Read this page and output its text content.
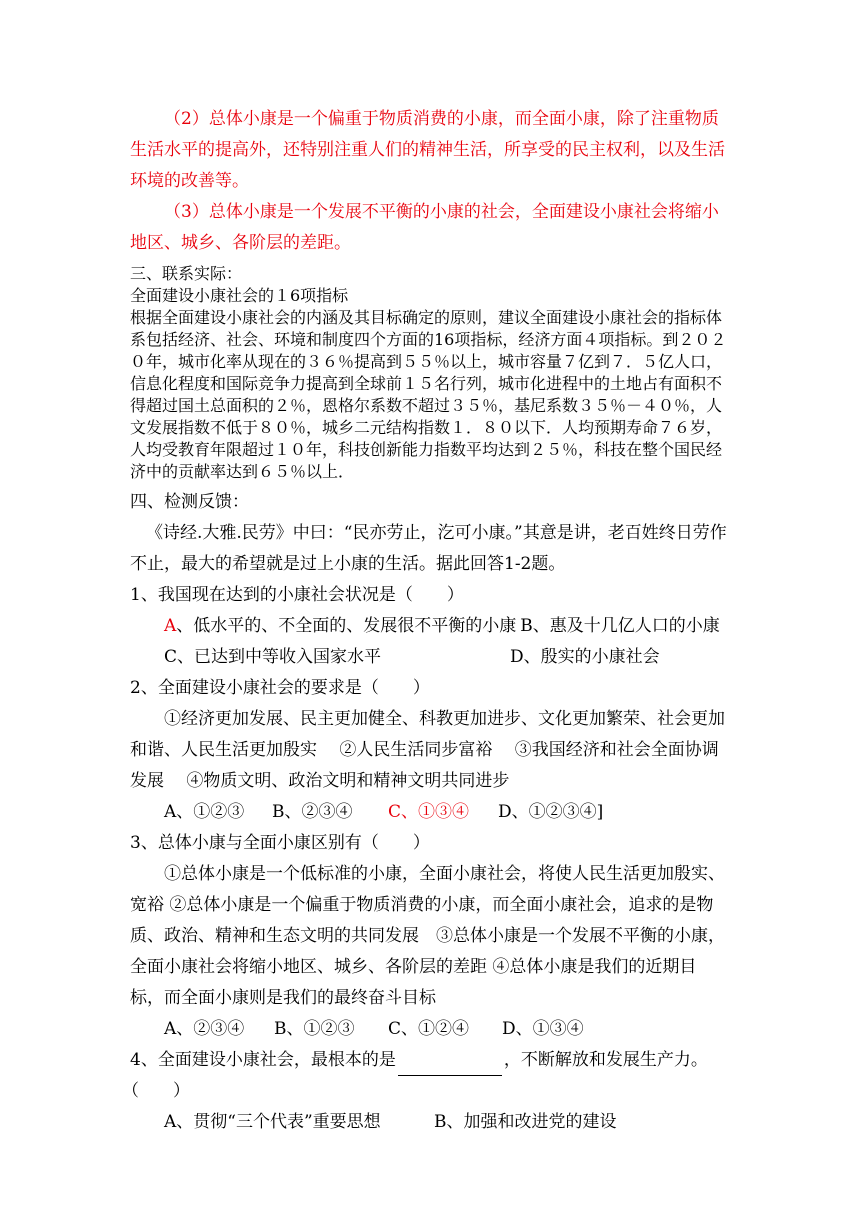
（2）总体小康是一个偏重于物质消费的小康，而全面小康，除了注重物质生活水平的提高外，还特别注重人们的精神生活，所享受的民主权利，以及生活环境的改善等。

（3）总体小康是一个发展不平衡的小康的社会，全面建设小康社会将缩小地区、城乡、各阶层的差距。

三、联系实际：

全面建设小康社会的１6项指标

根据全面建设小康社会的内涵及其目标确定的原则，建议全面建设小康社会的指标体系包括经济、社会、环境和制度四个方面的16项指标，经济方面４项指标。到２０２０年，城市化率从现在的３６％提高到５５％以上，城市容量７亿到７．５亿人口，信息化程度和国际竞争力提高到全球前１５名行列，城市化进程中的土地占有面积不得超过国土总面积的２％，恩格尔系数不超过３５％，基尼系数３５％－４０％，人文发展指数不低于８０％，城乡二元结构指数１．８０以下．人均预期寿命７６岁，人均受教育年限超过１０年，科技创新能力指数平均达到２５％，科技在整个国民经济中的贡献率达到６５％以上．

四、检测反馈：

《诗经.大雅.民劳》中曰：“民亦劳止，汔可小康。”其意是讲，老百姓终日劳作不止，最大的希望就是过上小康的生活。据此回答1-2题。

1、我国现在达到的小康社会状况是（　　）

A 、低水平的、不全面的、发展很不平衡的小康 B、惠及十几亿人口的小康
C、已达到中等收入国家水平	D、殷实的小康社会

2、全面建设小康社会的要求是（　　）

①经济更加发展、民主更加健全、科教更加进步、文化更加繁荣、社会更加和谐、人民生活更加殷实　 ②人民生活同步富裕　 ③我国经济和社会全面协调发展　 ④物质文明、政治文明和精神文明共同进步

A、①②③	B、②③④	C、①③④	D、①②③④]

3、总体小康与全面小康区别有（　　）

①总体小康是一个低标准的小康，全面小康社会，将使人民生活更加殷实、宽裕 ②总体小康是一个偏重于物质消费的小康，而全面小康社会，追求的是物质、政治、精神和生态文明的共同发展　③总体小康是一个发展不平衡的小康，全面小康社会将缩小地区、城乡、各阶层的差距 ④总体小康是我们的近期目标，而全面小康则是我们的最终奋斗目标

A、②③④	B、①②③	C、①②④	D、①③④

4、全面建设小康社会，最根本的是	，不断解放和发展生产力。

（　　）

A、贯彻“三个代表”重要思想	B、加强和改进党的建设
